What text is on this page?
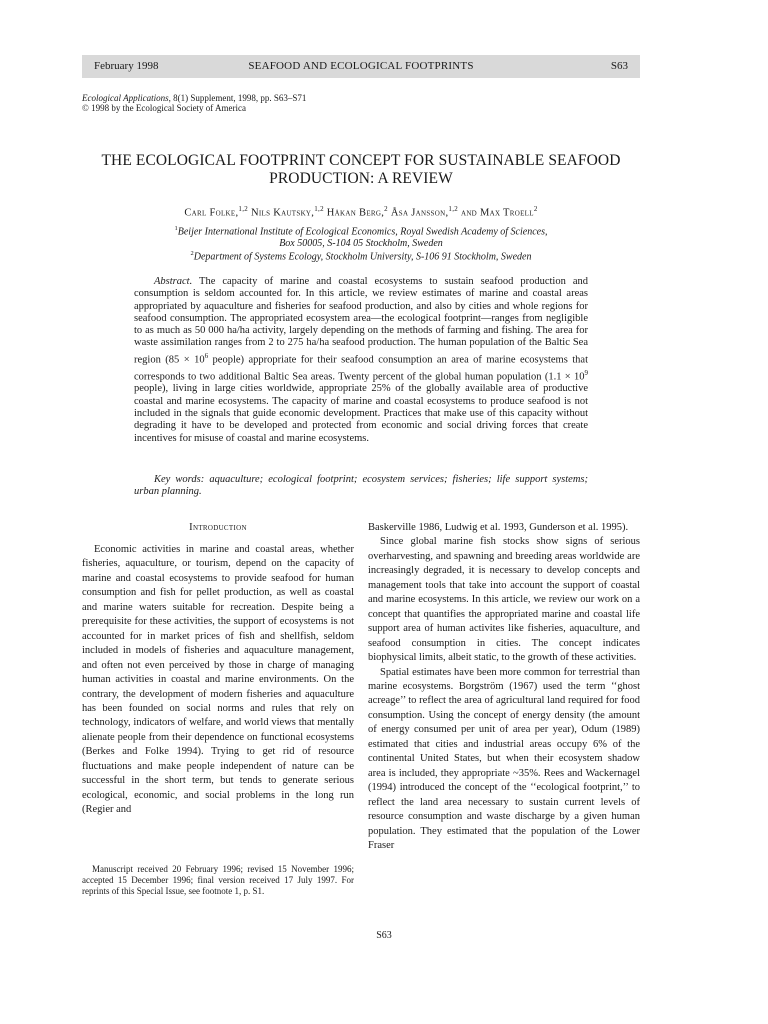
February 1998	SEAFOOD AND ECOLOGICAL FOOTPRINTS	S63
Ecological Applications, 8(1) Supplement, 1998, pp. S63–S71
© 1998 by the Ecological Society of America
THE ECOLOGICAL FOOTPRINT CONCEPT FOR SUSTAINABLE SEAFOOD
PRODUCTION: A REVIEW
Carl Folke,$^{1,2}$ Nils Kautsky,$^{1,2}$ Håkan Berg,$^2$ Åsa Jansson,$^{1,2}$ and Max Troell$^2$
$^1$Beijer International Institute of Ecological Economics, Royal Swedish Academy of Sciences,
Box 50005, S-104 05 Stockholm, Sweden
$^2$Department of Systems Ecology, Stockholm University, S-106 91 Stockholm, Sweden
Abstract. The capacity of marine and coastal ecosystems to sustain seafood production and consumption is seldom accounted for. In this article, we review estimates of marine and coastal areas appropriated by aquaculture and fisheries for seafood production, and also by cities and whole regions for seafood consumption. The appropriated ecosystem area—the ecological footprint—ranges from negligible to as much as 50 000 ha/ha activity, largely depending on the methods of farming and fishing. The area for waste assimilation ranges from 2 to 275 ha/ha seafood production. The human population of the Baltic Sea region ($85 \times 10^6$ people) appropriate for their seafood consumption an area of marine ecosystems that corresponds to two additional Baltic Sea areas. Twenty percent of the global human population ($1.1 \times 10^9$ people), living in large cities worldwide, appropriate 25% of the globally available area of productive coastal and marine ecosystems. The capacity of marine and coastal ecosystems to produce seafood is not included in the signals that guide economic development. Practices that make use of this capacity without degrading it have to be developed and protected from economic and social driving forces that create incentives for misuse of coastal and marine ecosystems.
Key words: aquaculture; ecological footprint; ecosystem services; fisheries; life support systems; urban planning.
Introduction

Economic activities in marine and coastal areas, whether fisheries, aquaculture, or tourism, depend on the capacity of marine and coastal ecosystems to provide seafood for human consumption and fish for pellet production, as well as coastal and marine waters suitable for recreation. Despite being a prerequisite for these activities, the support of ecosystems is not accounted for in market prices of fish and shellfish, seldom included in models of fisheries and aquaculture management, and often not even perceived by those in charge of managing human activities in coastal and marine environments. On the contrary, the development of modern fisheries and aquaculture has been founded on social norms and rules that rely on technology, indicators of welfare, and world views that mentally alienate people from their dependence on functional ecosystems (Berkes and Folke 1994). Trying to get rid of resource fluctuations and make people independent of nature can be successful in the short term, but tends to generate serious ecological, economic, and social problems in the long run (Regier and

Baskerville 1986, Ludwig et al. 1993, Gunderson et al. 1995).

Since global marine fish stocks show signs of serious overharvesting, and spawning and breeding areas worldwide are increasingly degraded, it is necessary to develop concepts and management tools that take into account the support of coastal and marine ecosystems. In this article, we review our work on a concept that quantifies the appropriated marine and coastal life support area of human activites like fisheries, aquaculture, and seafood consumption in cities. The concept indicates biophysical limits, albeit static, to the growth of these activities.

Spatial estimates have been more common for terrestrial than marine ecosystems. Borgström (1967) used the term ‘‘ghost acreage’’ to reflect the area of agricultural land required for food consumption. Using the concept of energy density (the amount of energy consumed per unit of area per year), Odum (1989) estimated that cities and industrial areas occupy 6% of the continental United States, but when their ecosystem shadow area is included, they appropriate ~35%. Rees and Wackernagel (1994) introduced the concept of the ‘‘ecological footprint,’’ to reflect the land area necessary to sustain current levels of resource consumption and waste discharge by a given human population. They estimated that the population of the Lower Fraser

Manuscript received 20 February 1996; revised 15 November 1996; accepted 15 December 1996; final version received 17 July 1997. For reprints of this Special Issue, see footnote 1, p. S1.
S63
